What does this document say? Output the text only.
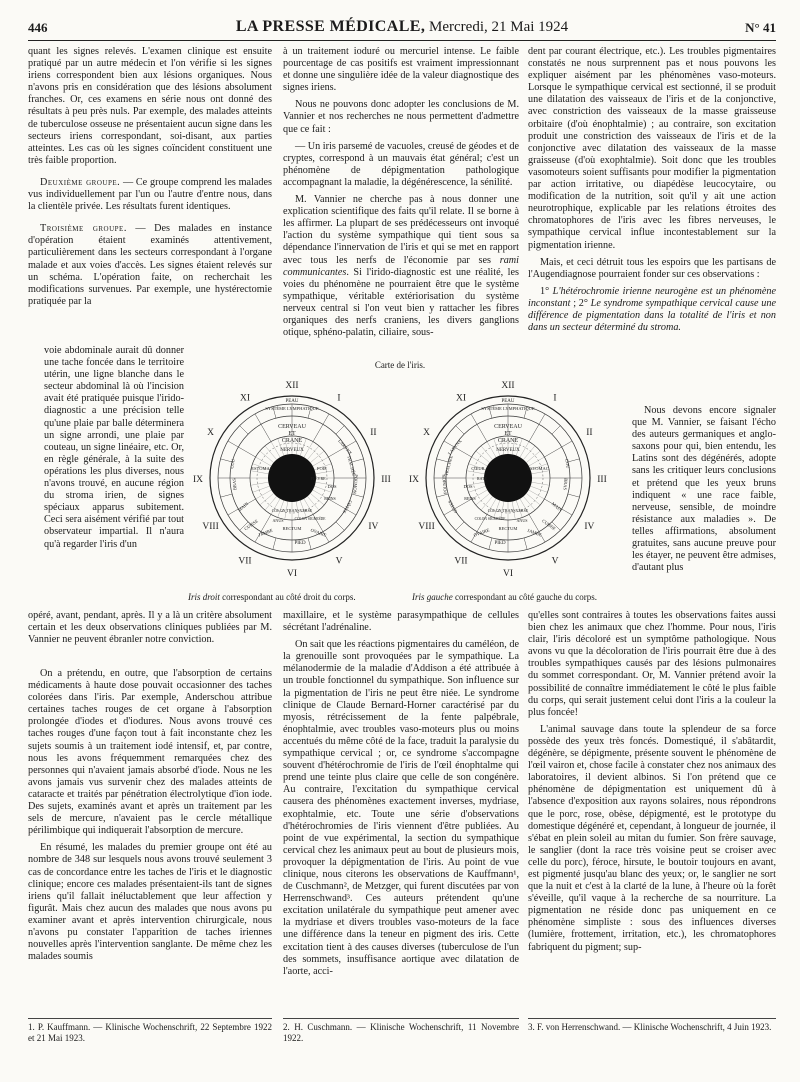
446	LA PRESSE MÉDICALE, Mercredi, 21 Mai 1924	N° 41

quant les signes relevés. L'examen clinique est ensuite pratiqué par un autre médecin et l'on vérifie si les signes iriens correspondent bien aux lésions organiques. Nous n'avons pris en considération que des lésions absolument franches. Or, ces examens en série nous ont donné des résultats à peu près nuls. Par exemple, des malades atteints de tuberculose osseuse ne présentaient aucun signe dans les secteurs iriens correspondant, soi-disant, aux parties atteintes. Les cas où les signes coïncident constituent une très faible proportion.

Deuxième groupe. — Ce groupe comprend les malades vus individuellement par l'un ou l'autre d'entre nous, dans la clientèle privée. Les résultats furent identiques.

Troisième groupe. — Des malades en instance d'opération étaient examinés attentivement, particulièrement dans les secteurs correspondant à l'organe malade et aux voies d'accès. Les signes étaient relevés sur un schéma. L'opération faite, on recherchait les modifications survenues. Par exemple, une hystérectomie pratiquée par la

voie abdominale aurait dû donner une tache foncée dans le territoire utérin, une ligne blanche dans le secteur abdominal là où l'incision avait été pratiquée puisque l'irido-diagnostic a une précision telle qu'une plaie par balle déterminera un signe arrondi, une plaie par couteau, un signe linéaire, etc. Or, en règle générale, à la suite des opérations les plus diverses, nous n'avons trouvé, en aucune région du stroma irien, de signes spéciaux apparus subitement. Ceci sera aisément vérifié par tout observateur impartial. Il n'aura qu'à regarder l'iris d'un

opéré, avant, pendant, après. Il y a là un critère absolument certain et les deux observations cliniques publiées par M. Vannier ne peuvent ébranler notre conviction.

On a prétendu, en outre, que l'absorption de certains médicaments à haute dose pouvait occasionner des taches colorées dans l'iris. Par exemple, Anderschou attribue certaines taches rouges de cet organe à l'absorption prolongée d'iodes et d'iodures. Nous avons trouvé ces taches rouges d'une façon tout à fait inconstante chez les sujets soumis à un traitement iodé intensif, et, par contre, nous les avons fréquemment remarquées chez des personnes qui n'avaient jamais absorbé d'iode. Nous ne les avons jamais vus survenir chez des malades atteints de cataracte et traités par pénétration électrolytique d'ion iode. Des sujets, examinés avant et après un traitement par les sels de mercure, n'avaient pas le cercle métallique périlimbique qui indiquerait l'absorption de mercure.

En résumé, les malades du premier groupe ont été au nombre de 348 sur lesquels nous avons trouvé seulement 3 cas de concordance entre les taches de l'iris et le diagnostic clinique; encore ces malades présentaient-ils tant de signes iriens qu'il fallait inéluctablement que leur affection y figurât. Mais chez aucun des malades que nous avons pu examiner avant et après intervention chirurgicale, nous n'avons pu constater l'apparition de taches iriennes nouvelles après l'intervention sanglante. De même chez les malades soumis

à un traitement ioduré ou mercuriel intense. Le faible pourcentage de cas positifs est vraiment impressionnant et donne une singulière idée de la valeur diagnostique des signes iriens.

Nous ne pouvons donc adopter les conclusions de M. Vannier et nos recherches ne nous permettent d'admettre que ce fait :

— Un iris parsemé de vacuoles, creusé de géodes et de cryptes, correspond à un mauvais état général; c'est un phénomène de dépigmentation pathologique accompagnant la maladie, la dégénérescence, la sénilité.

M. Vannier ne cherche pas à nous donner une explication scientifique des faits qu'il relate. Il se borne à les affirmer. La plupart de ses prédécesseurs ont invoqué l'action du système sympathique qui tient sous sa dépendance l'innervation de l'iris et qui se met en rapport avec tous les nerfs de l'économie par ses rami communicantes. Si l'irido-diagnostic est une réalité, les voies du phénomène ne pourraient être que le système sympathique, véritable extériorisation du système nerveux central si l'on veut bien y rattacher les fibres organiques des nerfs craniens, les divers ganglions otique, sphéno-palatin, ciliaire, sous-

maxillaire, et le système parasympathique de cellules sécrétant l'adrénaline.

On sait que les réactions pigmentaires du caméléon, de la grenouille sont provoquées par le sympathique. La mélanodermie de la maladie d'Addison a été attribuée à un trouble fonctionnel du sympathique. Son influence sur la pigmentation de l'iris ne peut être niée. Le syndrome clinique de Claude Bernard-Horner caractérisé par du myosis, rétrécissement de la fente palpébrale, énophtalmie, avec troubles vaso-moteurs plus ou moins accentués du même côté de la face, traduit la paralysie du sympathique cervical ; or, ce syndrome s'accompagne souvent d'hétérochromie de l'iris de l'œil énophtalme qui prend une teinte plus claire que celle de son congénère. Au contraire, l'excitation du sympathique cervical causera des phénomènes exactement inverses, mydriase, exophtalmie, etc. Toute une série d'observations d'hétérochromies de l'iris viennent d'être publiées. Au point de vue expérimental, la section du sympathique cervical chez les animaux peut au bout de plusieurs mois, provoquer la dépigmentation de l'iris. Au point de vue clinique, nous citerons les observations de Kauffmann¹, de Cuschmann², de Metzger, qui furent discutées par von Herrenschwand³. Ces auteurs prétendent qu'une excitation unilatérale du sympathique peut amener avec la mydriase et divers troubles vaso-moteurs de la face une différence dans la teneur en pigment des iris. Cette excitation tient à des causes diverses (tuberculose de l'un des sommets, insuffisance aortique avec dilatation de l'aorte, acci-

dent par courant électrique, etc.). Les troubles pigmentaires constatés ne nous surprennent pas et nous pouvons les expliquer aisément par les phénomènes vaso-moteurs. Lorsque le sympathique cervical est sectionné, il se produit une dilatation des vaisseaux de l'iris et de la conjonctive, avec constriction des vaisseaux de la masse graisseuse orbitaire (d'où énophtalmie) ; au contraire, son excitation produit une constriction des vaisseaux de l'iris et de la conjonctive avec dilatation des vaisseaux de la masse graisseuse (d'où exophtalmie). Soit donc que les troubles vasomoteurs soient suffisants pour modifier la pigmentation par action irritative, ou diapédèse leucocytaire, ou modification de la nutrition, soit qu'il y ait une action neurotrophique, explicable par les relations étroites des chromatophores de l'iris avec les fibres nerveuses, le sympathique cervical influe incontestablement sur la pigmentation irienne.

Mais, et ceci détruit tous les espoirs que les partisans de l'Augendiagnose pourraient fonder sur ces observations :

1° L'hétérochromie irienne neurogène est un phénomène inconstant ; 2° Le syndrome sympathique cervical cause une différence de pigmentation dans la totalité de l'iris et non dans un secteur déterminé du stroma.

Nous devons encore signaler que M. Vannier, se faisant l'écho des auteurs germaniques et anglo-saxons pour qui, bien entendu, les Latins sont des dégénérés, adopte sans les critiquer leurs conclusions et prétend que les yeux bruns indiquent « une race faible, nerveuse, sensible, de moindre résistance aux maladies ». De telles affirmations, absolument gratuites, sans aucune preuve pour les étayer, ne peuvent être admises, d'autant plus

qu'elles sont contraires à toutes les observations faites aussi bien chez les animaux que chez l'homme. Pour nous, l'iris clair, l'iris décoloré est un symptôme pathologique. Nous avons vu que la décoloration de l'iris pourrait être due à des troubles sympathiques causés par des lésions pulmonaires du sommet correspondant. Or, M. Vannier prétend avoir la possibilité de connaître immédiatement le côté le plus faible du corps, qui serait justement celui dont l'iris a la couleur la plus foncée!

L'animal sauvage dans toute la splendeur de sa force possède des yeux très foncés. Domestiqué, il s'abâtardit, dégénère, se dépigmente, présente souvent le phénomène de l'œil vairon et, chose facile à constater chez nos animaux des laboratoires, il devient albinos. Si l'on prétend que ce phénomène de dépigmentation est uniquement dû à l'absence d'exposition aux rayons solaires, nous répondrons que le porc, rose, obèse, dépigmenté, est le prototype du domestique dégénéré et, cependant, à longueur de journée, il s'ébat en plein soleil au mitan du fumier. Son frère sauvage, le sanglier (dont la race très voisine peut se croiser avec celle du porc), féroce, hirsute, le boutoir toujours en avant, est pigmenté jusqu'au blanc des yeux; or, le sanglier ne sort que la nuit et c'est à la clarté de la lune, à l'heure où la forêt s'éveille, qu'il vaque à la recherche de sa nourriture. La pigmentation ne réside donc pas uniquement en ce phénomène simpliste : sous des influences diverses (lumière, frottement, irritation, etc.), les chromatophores fabriquent du pigment; sup-

Carte de l'iris.
XII
I
II
III
IV
V
VI
VII
VIII
IX
X
XI	PEAU
SYSTÈME LYMPHATIQUE
CERVEAU
ET
CRANE
NERVEUX
COLON TRANSVERSE
RECTUM
PIED
MAIN
LARYNX
TRACHÉE
POUMON
CÔTES
DOS
REINS
FOIE
PLÈVRE
COU
BRAS
JAMBE	OVAIRE
CUISSE
ESTOMAC
COLON SIGMOÏDE
ANUS
XII
I
II
III
IV
V
VI
VII
VIII
IX
X
XI	PEAU
SYSTÈME LYMPHATIQUE
CERVEAU
ET
CRANE
NERVEUX
COLON TRANSVERSE
RECTUM
PIED
MAIN
LARYNX
TRACHÉE
POUMON
CÔTES
DOS
REINS
CŒUR
RATE
COU
BRAS
JAMBE
OVAIRE
CUISSE
ESTOMAC
COLON SIGMOÏDE	ANUS
Iris droit correspondant au côté droit du corps.	Iris gauche correspondant au côté gauche du corps.
1. P. Kauffmann. — Klinische Wochenschrift, 22 Septembre 1922 et 21 Mai 1923.
2. H. Cuschmann. — Klinische Wochenschrift, 11 Novembre 1922.
3. F. von Herrenschwand. — Klinische Wochenschrift, 4 Juin 1923.
